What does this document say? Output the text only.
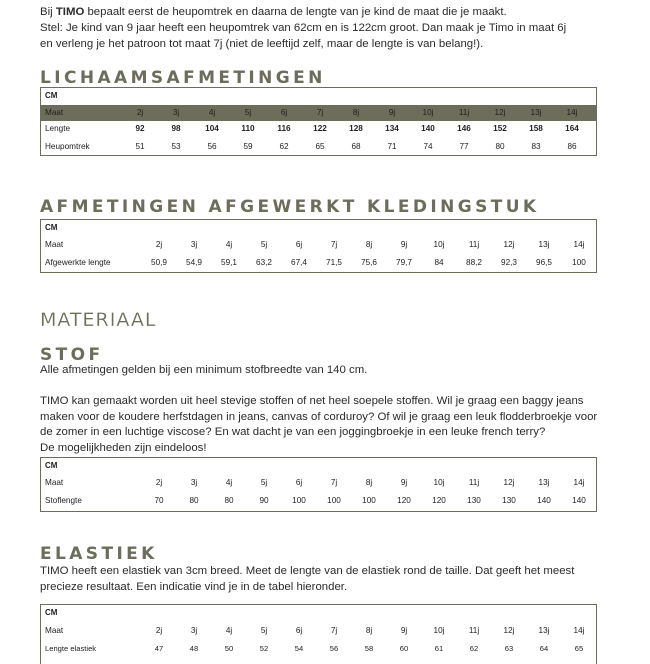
Bij TIMO bepaalt eerst de heupomtrek en daarna de lengte van je kind de maat die je maakt.
Stel: Je kind van 9 jaar heeft een heupomtrek van 62cm en is 122cm groot. Dan maak je Timo in maat 6j
en verleng je het patroon tot maat 7j (niet de leeftijd zelf, maar de lengte is van belang!).
LICHAAMSAFMETINGEN
CM
Maat	2j	3j	4j	5j	6j	7j	8j	9j	10j	11j	12j	13j	14j
Lengte	92	98	104	110	116	122	128	134	140	146	152	158	164
Heupomtrek	51	53	56	59	62	65	68	71	74	77	80	83	86
AFMETINGEN AFGEWERKT KLEDINGSTUK
CM
Maat	2j	3j	4j	5j	6j	7j	8j	9j	10j	11j	12j	13j	14j
Afgewerkte lengte	50,9	54,9	59,1	63,2	67,4	71,5	75,6	79,7	84	88,2	92,3	96,5	100
MATERIAAL
STOF

Alle afmetingen gelden bij een minimum stofbreedte van 140 cm.

TIMO kan gemaakt worden uit heel stevige stoffen of net heel soepele stoffen. Wil je graag een baggy jeans

maken voor de koudere herfstdagen in jeans, canvas of corduroy? Of wil je graag een leuk flodderbroekje voor

de zomer in een luchtige viscose? En wat dacht je van een joggingbroekje in een leuke french terry?

De mogelijkheden zijn eindeloos!

CM
Maat	2j	3j	4j	5j	6j	7j	8j	9j	10j	11j	12j	13j	14j
Stoflengte	70	80	80	90	100	100	100	120	120	130	130	140	140
ELASTIEK

TIMO heeft een elastiek van 3cm breed. Meet de lengte van de elastiek rond de taille. Dat geeft het meest

precieze resultaat. Een indicatie vind je in de tabel hieronder.

CM
Maat	2j	3j	4j	5j	6j	7j	8j	9j	10j	11j	12j	13j	14j
Lengte elastiek	47	48	50	52	54	56	58	60	61	62	63	64	65
